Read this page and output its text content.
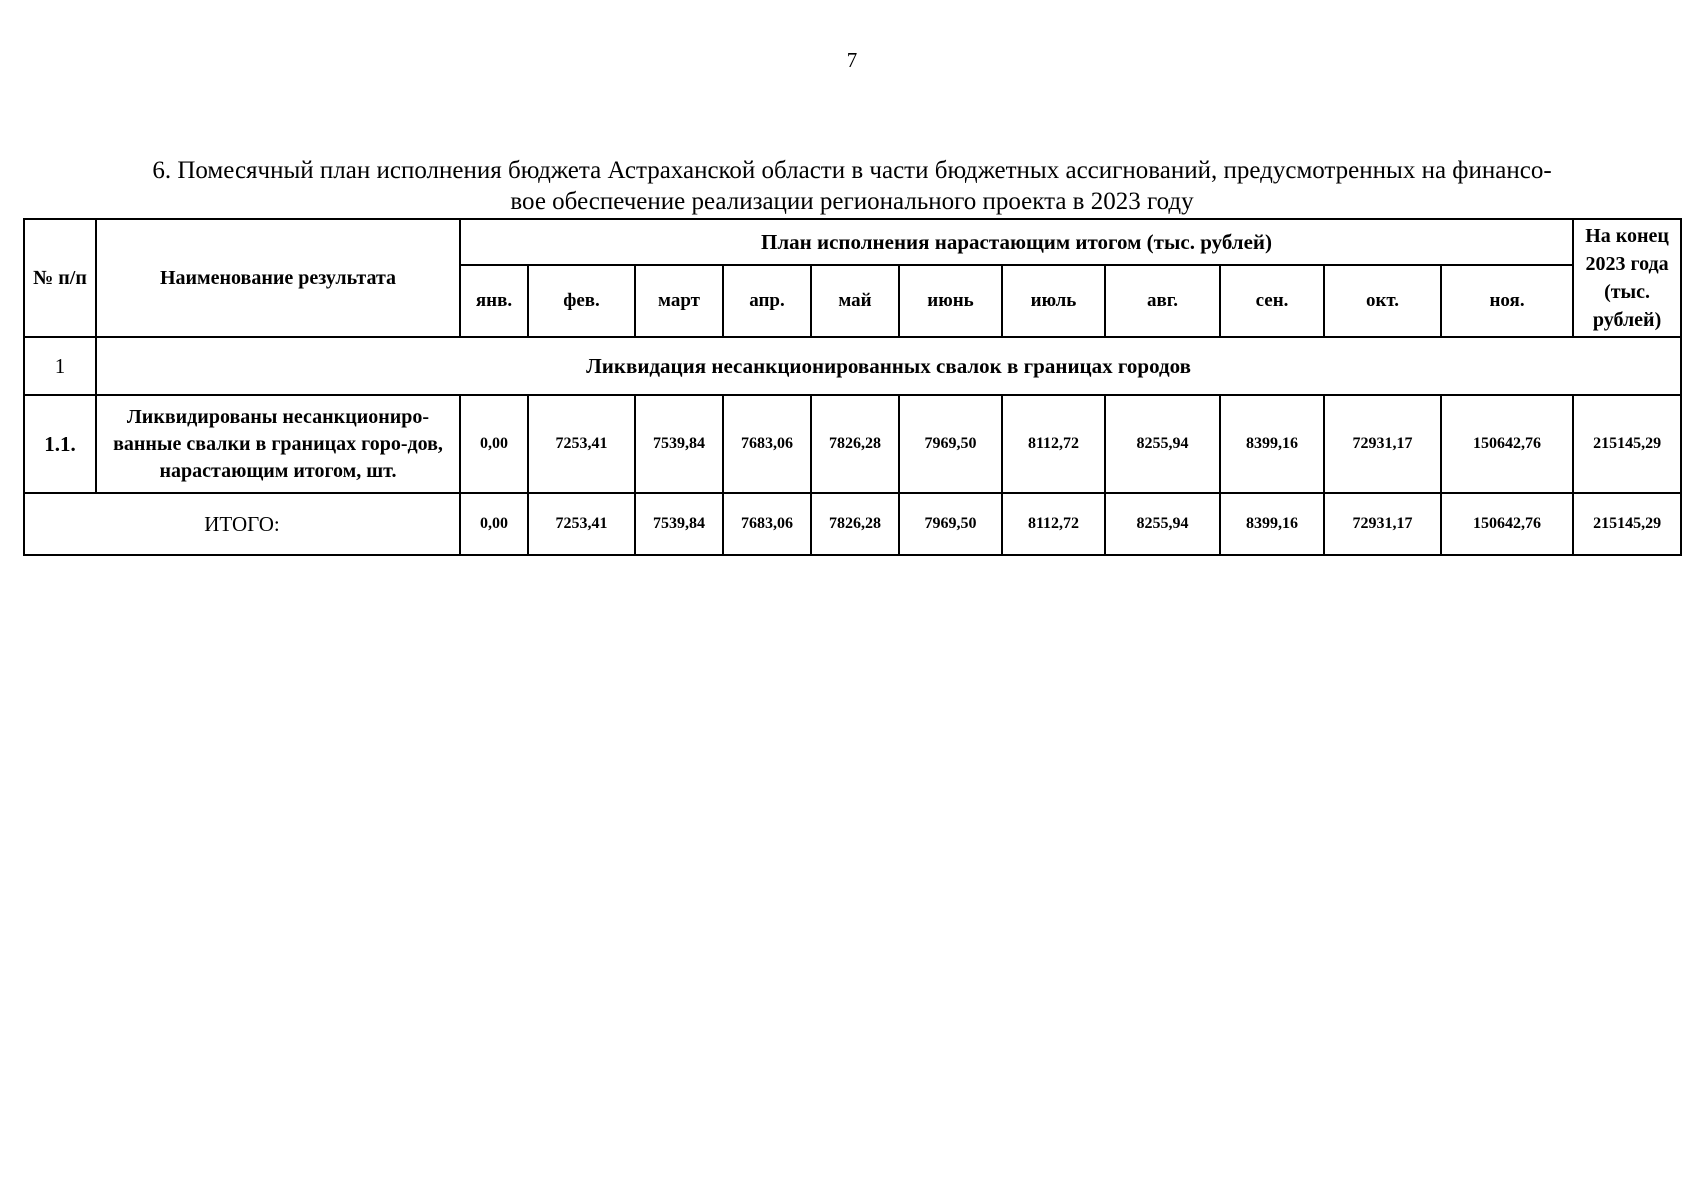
7
6. Помесячный план исполнения бюджета Астраханской области в части бюджетных ассигнований, предусмотренных на финансо-
вое обеспечение реализации регионального проекта в 2023 году
№ п/п	Наименование результата	План исполнения нарастающим итогом (тыс. рублей)											На конец 2023 года (тыс. рублей)
		янв.	фев.	март	апр.	май	июнь	июль	авг.	сен.	окт.	ноя.	
1	Ликвидация несанкционированных свалок в границах городов												
1.1.	Ликвидированы несанкциониро-ванные свалки в границах горо-дов, нарастающим итогом, шт.	0,00	7253,41	7539,84	7683,06	7826,28	7969,50	8112,72	8255,94	8399,16	72931,17	150642,76	215145,29
ИТОГО:		0,00	7253,41	7539,84	7683,06	7826,28	7969,50	8112,72	8255,94	8399,16	72931,17	150642,76	215145,29
